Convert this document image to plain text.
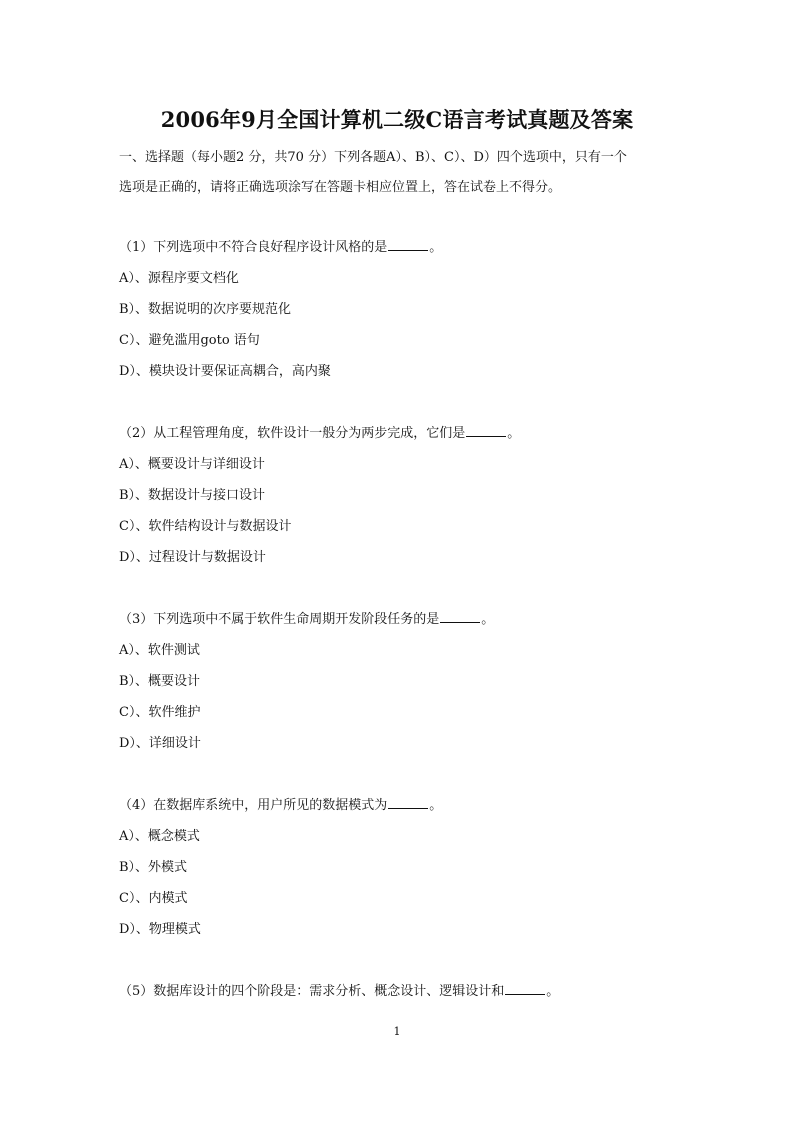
2006年9月全国计算机二级C语言考试真题及答案

一、选择题（每小题2 分，共70 分）下列各题A）、B）、C）、D）四个选项中，只有一个

选项是正确的，请将正确选项涂写在答题卡相应位置上，答在试卷上不得分。

（1）下列选项中不符合良好程序设计风格的是	。
A）、源程序要文档化
B）、数据说明的次序要规范化
C）、避免滥用goto 语句
D）、模块设计要保证高耦合，高内聚
（2）从工程管理角度，软件设计一般分为两步完成，它们是	。
A）、概要设计与详细设计
B）、数据设计与接口设计
C）、软件结构设计与数据设计
D）、过程设计与数据设计
（3）下列选项中不属于软件生命周期开发阶段任务的是	。
A）、软件测试
B）、概要设计
C）、软件维护
D）、详细设计
（4）在数据库系统中，用户所见的数据模式为	。
A）、概念模式
B）、外模式
C）、内模式
D）、物理模式
（5）数据库设计的四个阶段是：需求分析、概念设计、逻辑设计和	。
1
